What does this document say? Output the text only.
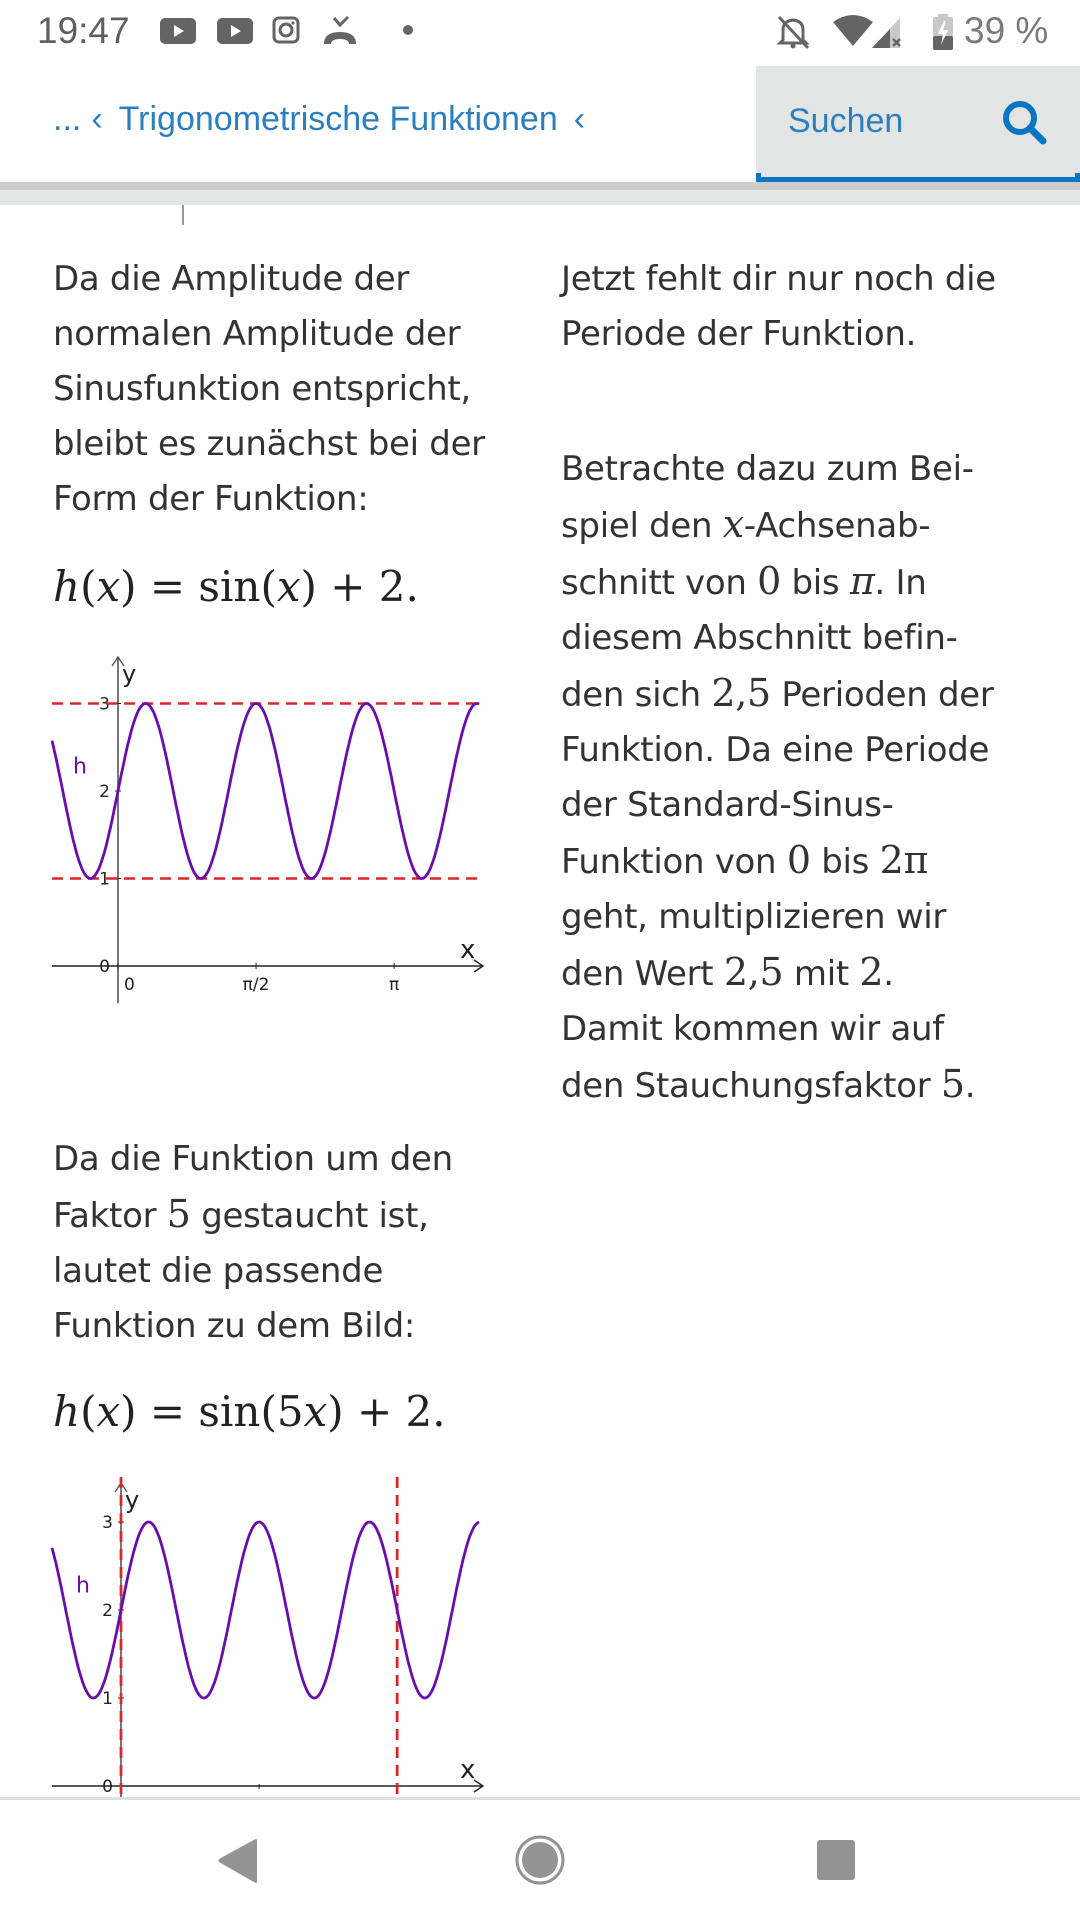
19:47	39 %
... ‹ Trigonometrische Funktionen ‹	Suchen

Da die Amplitude der normalen Amplitude der Sinusfunktion entspricht, bleibt es zunächst bei der Form der Funktion:

h(x) = sin(x) + 2.

Da die Funktion um den Faktor 5 gestaucht ist, lautet die passende Funktion zu dem Bild:

h(x) = sin(5x) + 2.

Jetzt fehlt dir nur noch die Periode der Funktion.

Betrachte dazu zum Beispiel den x-Achsenabschnitt von 0 bis π. In diesem Abschnitt befinden sich 2,5 Perioden der Funktion. Da eine Periode der Standard-Sinus-Funktion von 0 bis 2π geht, multiplizieren wir den Wert 2,5 mit 2. Damit kommen wir auf den Stauchungsfaktor 5.

y
x
0
1
2
3
0	π/2	π
h
y
x
0
1
2
3
h
